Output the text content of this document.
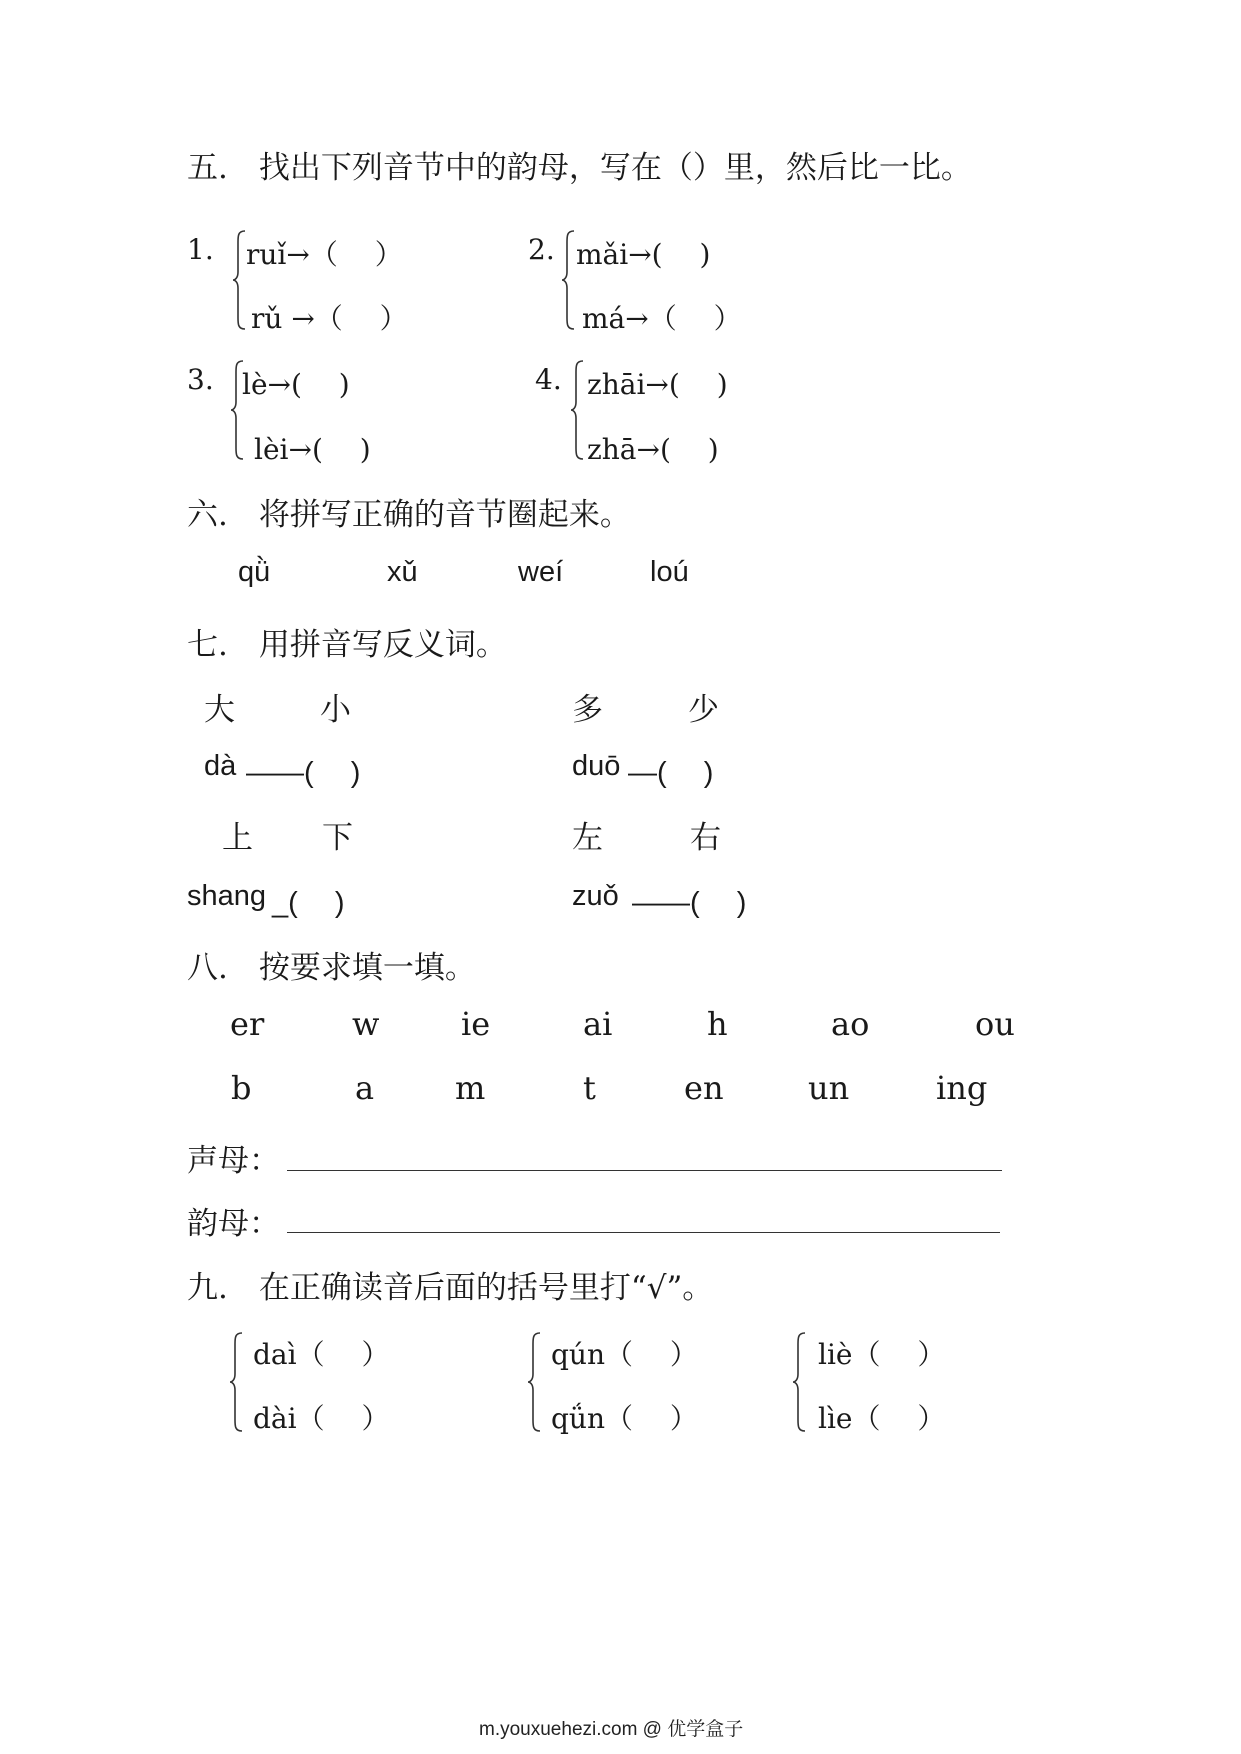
五.　找出下列音节中的韵母，写在（）里，然后比一比。
1. ruǐ→（　 ）
rǔ →（　 ）
2. mǎi→(　 )
má→（　 ）
3. lè→(　 )
lèi→(　 )
4. zhāi→(　 )
zhā→(　 )
六.　将拼写正确的音节圈起来。
qǜ	xǔ	weí	loú
七.　用拼音写反义词。
大	小
dà ——(　 )
多	少
duō —(　 )
上 下
shang _(　 )
左	右
zuǒ ——(　 )
八.　按要求填一填。
er	w	ie	ai	h	ao	ou
b	a	m	t	en	un	ing
声母：
韵母：
九.　在正确读音后面的括号里打“√”。
daì（　 ）
dài（　 ）
qún（　 ）
qǘn（　 ）
liè（　 ）
lìe（　 ）
m.youxuehezi.com @ 优学盒子
